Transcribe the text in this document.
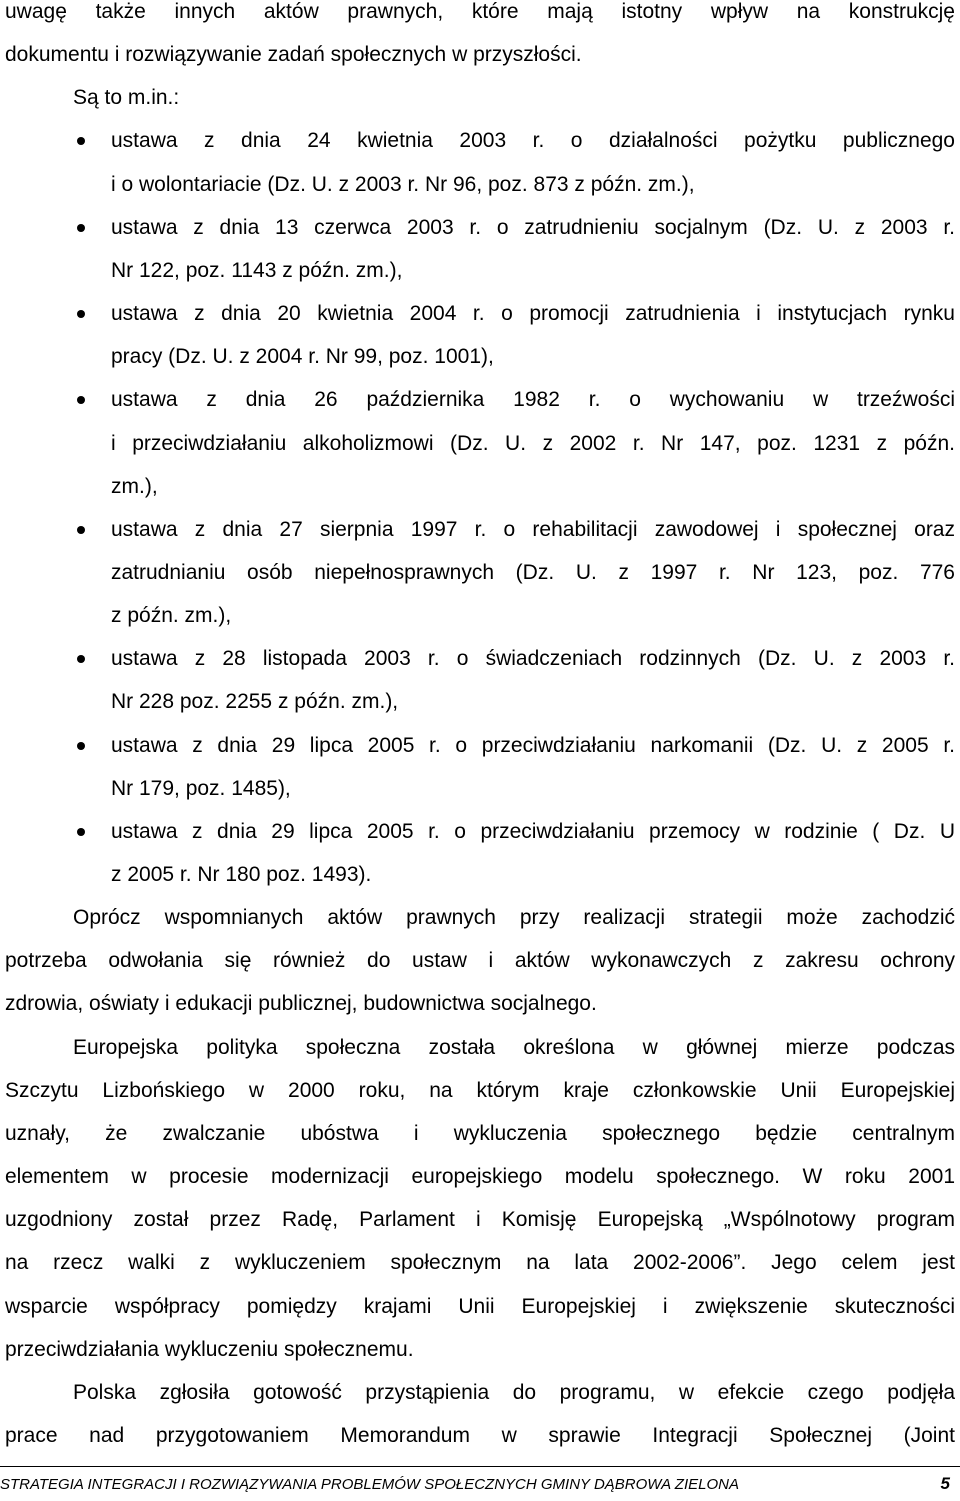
uwagę także innych aktów prawnych, które mają istotny wpływ na konstrukcję
dokumentu i rozwiązywanie zadań społecznych w przyszłości.
Są to m.in.:
ustawa z dnia 24 kwietnia 2003 r. o działalności pożytku publicznego
i o wolontariacie (Dz. U. z 2003 r. Nr 96, poz. 873 z późn. zm.),
ustawa z dnia 13 czerwca 2003 r. o zatrudnieniu socjalnym (Dz. U. z 2003 r.
Nr 122, poz. 1143 z późn. zm.),
ustawa z dnia 20 kwietnia 2004 r. o promocji zatrudnienia i instytucjach rynku
pracy (Dz. U. z 2004 r. Nr 99, poz. 1001),
ustawa z dnia 26 października 1982 r. o wychowaniu w trzeźwości
i przeciwdziałaniu alkoholizmowi (Dz. U. z 2002 r. Nr 147, poz. 1231 z późn.
zm.),
ustawa z dnia 27 sierpnia 1997 r. o rehabilitacji zawodowej i społecznej oraz
zatrudnianiu osób niepełnosprawnych (Dz. U. z 1997 r. Nr 123, poz. 776
z późn. zm.),
ustawa z 28 listopada 2003 r. o świadczeniach rodzinnych (Dz. U. z 2003 r.
Nr 228 poz. 2255 z późn. zm.),
ustawa z dnia 29 lipca 2005 r. o przeciwdziałaniu narkomanii (Dz. U. z 2005 r.
Nr 179, poz. 1485),
ustawa z dnia 29 lipca 2005 r. o przeciwdziałaniu przemocy w rodzinie ( Dz. U
z 2005 r. Nr 180 poz. 1493).
Oprócz wspomnianych aktów prawnych przy realizacji strategii może zachodzić
potrzeba odwołania się również do ustaw i aktów wykonawczych z zakresu ochrony
zdrowia, oświaty i edukacji publicznej, budownictwa socjalnego.
Europejska polityka społeczna została określona w głównej mierze podczas
Szczytu Lizbońskiego w 2000 roku, na którym kraje członkowskie Unii Europejskiej
uznały, że zwalczanie ubóstwa i wykluczenia społecznego będzie centralnym
elementem w procesie modernizacji europejskiego modelu społecznego. W roku 2001
uzgodniony został przez Radę, Parlament i Komisję Europejską „Wspólnotowy program
na rzecz walki z wykluczeniem społecznym na lata 2002-2006”. Jego celem jest
wsparcie współpracy pomiędzy krajami Unii Europejskiej i zwiększenie skuteczności
przeciwdziałania wykluczeniu społecznemu.
Polska zgłosiła gotowość przystąpienia do programu, w efekcie czego podjęła
prace nad przygotowaniem Memorandum w sprawie Integracji Społecznej (Joint
STRATEGIA INTEGRACJI I ROZWIĄZYWANIA PROBLEMÓW SPOŁECZNYCH GMINY DĄBROWA ZIELONA	5
